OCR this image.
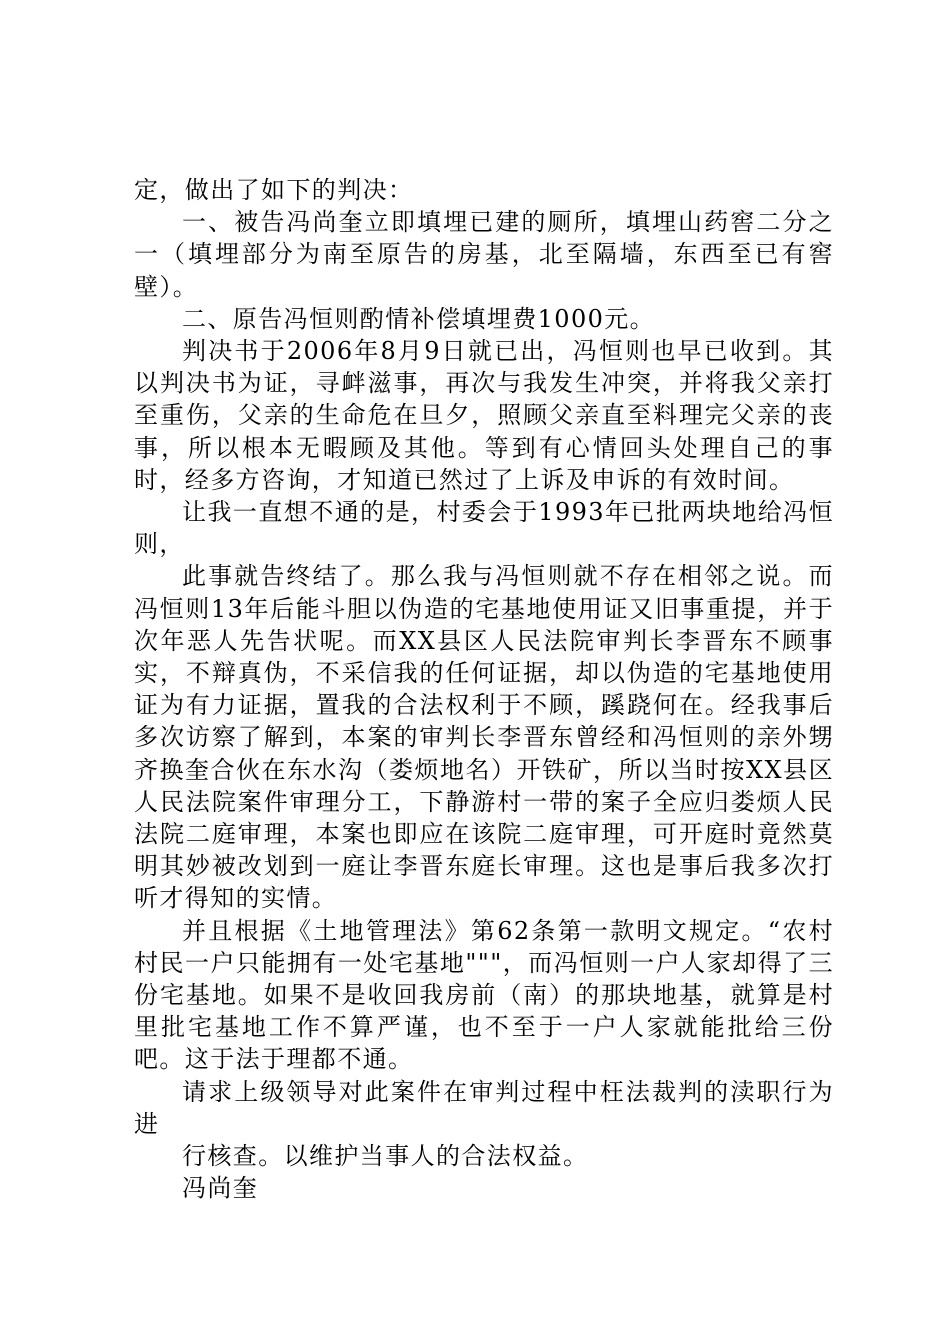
定，做出了如下的判决：

一、被告冯尚奎立即填埋已建的厕所，填埋山药窖二分之一（填埋部分为南至原告的房基，北至隔墙，东西至已有窖壁）。

二、原告冯恒则酌情补偿填埋费1000元。

判决书于2006年8月9日就已出，冯恒则也早已收到。其以判决书为证，寻衅滋事，再次与我发生冲突，并将我父亲打至重伤，父亲的生命危在旦夕，照顾父亲直至料理完父亲的丧事，所以根本无暇顾及其他。等到有心情回头处理自己的事时，经多方咨询，才知道已然过了上诉及申诉的有效时间。

让我一直想不通的是，村委会于1993年已批两块地给冯恒则，

此事就告终结了。那么我与冯恒则就不存在相邻之说。而冯恒则13年后能斗胆以伪造的宅基地使用证又旧事重提，并于次年恶人先告状呢。而XX县区人民法院审判长李晋东不顾事实，不辩真伪，不采信我的任何证据，却以伪造的宅基地使用证为有力证据，置我的合法权利于不顾，蹊跷何在。经我事后多次访察了解到，本案的审判长李晋东曾经和冯恒则的亲外甥齐换奎合伙在东水沟（娄烦地名）开铁矿，所以当时按XX县区人民法院案件审理分工，下静游村一带的案子全应归娄烦人民法院二庭审理，本案也即应在该院二庭审理，可开庭时竟然莫明其妙被改划到一庭让李晋东庭长审理。这也是事后我多次打听才得知的实情。

并且根据《土地管理法》第62条第一款明文规定。“农村村民一户只能拥有一处宅基地"""，而冯恒则一户人家却得了三份宅基地。如果不是收回我房前（南）的那块地基，就算是村里批宅基地工作不算严谨，也不至于一户人家就能批给三份吧。这于法于理都不通。

请求上级领导对此案件在审判过程中枉法裁判的渎职行为进

行核查。以维护当事人的合法权益。

冯尚奎
